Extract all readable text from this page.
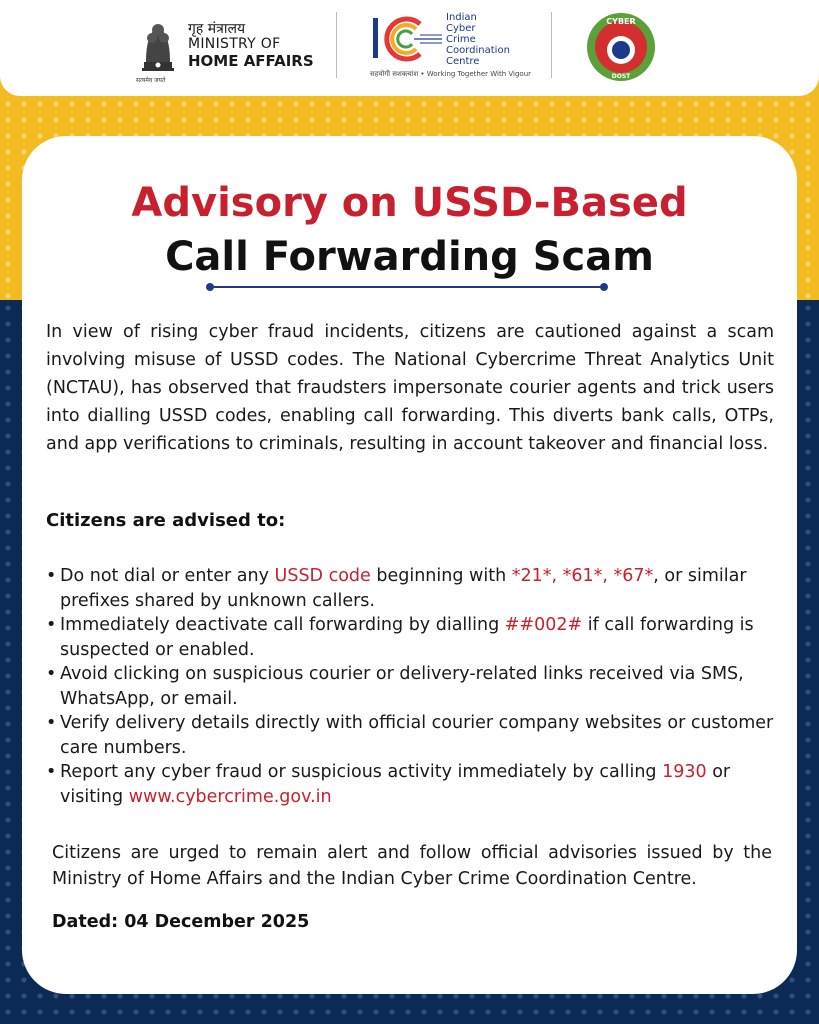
सत्यमेव जयते
गृह मंत्रालय
MINISTRY OF
HOME AFFAIRS
Indian
Cyber
Crime
Coordination
Centre
सहयोगी सशक्त्यांश • Working Together With Vigour
CYBER
DOST
Advisory on USSD-Based
Call Forwarding Scam

In view of rising cyber fraud incidents, citizens are cautioned against a scam involving misuse of USSD codes. The National Cybercrime Threat Analytics Unit (NCTAU), has observed that fraudsters impersonate courier agents and trick users into dialling USSD codes, enabling call forwarding. This diverts bank calls, OTPs, and app verifications to criminals, resulting in account takeover and financial loss.

Citizens are advised to:

• Do not dial or enter any USSD code beginning with *21*, *61*, *67*, or similar prefixes shared by unknown callers.
• Immediately deactivate call forwarding by dialling ##002# if call forwarding is suspected or enabled.
• Avoid clicking on suspicious courier or delivery-related links received via SMS, WhatsApp, or email.
• Verify delivery details directly with official courier company websites or customer care numbers.
• Report any cyber fraud or suspicious activity immediately by calling 1930 or visiting www.cybercrime.gov.in

Citizens are urged to remain alert and follow official advisories issued by the Ministry of Home Affairs and the Indian Cyber Crime Coordination Centre.

Dated: 04 December 2025
